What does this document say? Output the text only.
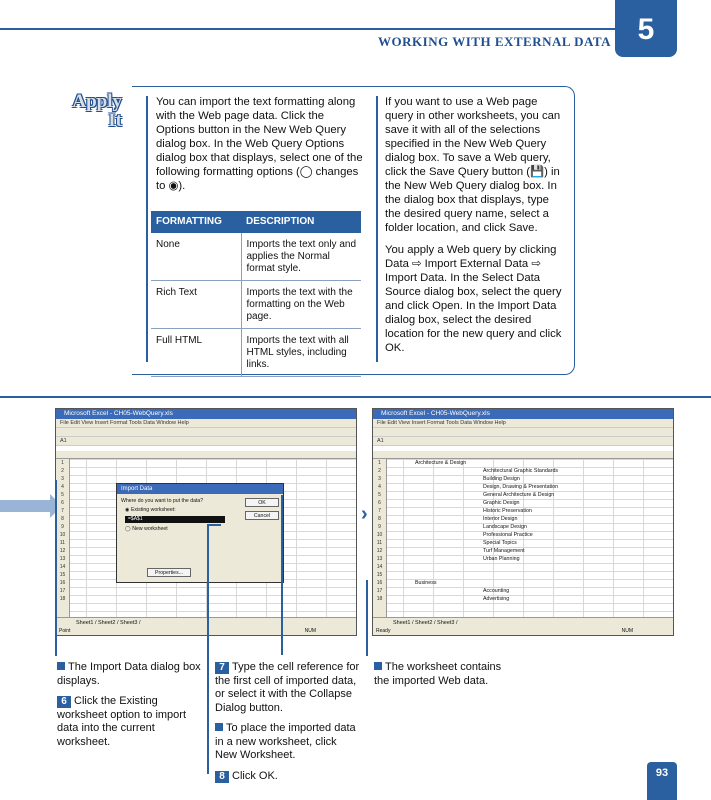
WORKING WITH EXTERNAL DATA 5
Apply
It

You can import the text formatting along with the Web page data. Click the Options button in the New Web Query dialog box. In the Web Query Options dialog box that displays, select one of the following formatting options (◯ changes to ◉).

FORMATTING	DESCRIPTION
None	Imports the text only and applies the Normal format style.
Rich Text	Imports the text with the formatting on the Web page.
Full HTML	Imports the text with all HTML styles, including links.

If you want to use a Web page query in other worksheets, you can save it with all of the selections specified in the New Web Query dialog box. To save a Web query, click the Save Query button (💾) in the New Web Query dialog box. In the dialog box that displays, type the desired query name, select a folder location, and click Save.

You apply a Web query by clicking Data ⇨ Import External Data ⇨ Import Data. In the Select Data Source dialog box, select the query and click Open. In the Import Data dialog box, select the desired location for the new query and click OK.

›
Microsoft Excel - CH05-WebQuery.xls
File Edit View Insert Format Tools Data Window Help
A1
1
2
3
4
5
6
7
8
9
10
11
12
13
14
15
16
17
18
Import Data
Where do you want to put the data?
◉ Existing worksheet:
=$A$1
◯ New worksheet
OK
Cancel
Properties...
Sheet1 / Sheet2 / Sheet3 /
Point	NUM
Microsoft Excel - CH05-WebQuery.xls
File Edit View Insert Format Tools Data Window Help
A1
1
2
3
4
5
6
7
8
9
10
11
12
13
14
15
16
17
18
Architecture & Design
Architectural Graphic Standards
Building Design
Design, Drawing & Presentation
General Architecture & Design
Graphic Design
Historic Preservation
Interior Design
Landscape Design
Professional Practice
Special Topics
Turf Management
Urban Planning
Business
Accounting
Advertising
Sheet1 / Sheet2 / Sheet3 /
Ready	NUM

The Import Data dialog box displays.

6 Click the Existing worksheet option to import data into the current worksheet.

7 Type the cell reference for the first cell of imported data, or select it with the Collapse Dialog button.

To place the imported data in a new worksheet, click New Worksheet.

8 Click OK.

The worksheet contains the imported Web data.

93
